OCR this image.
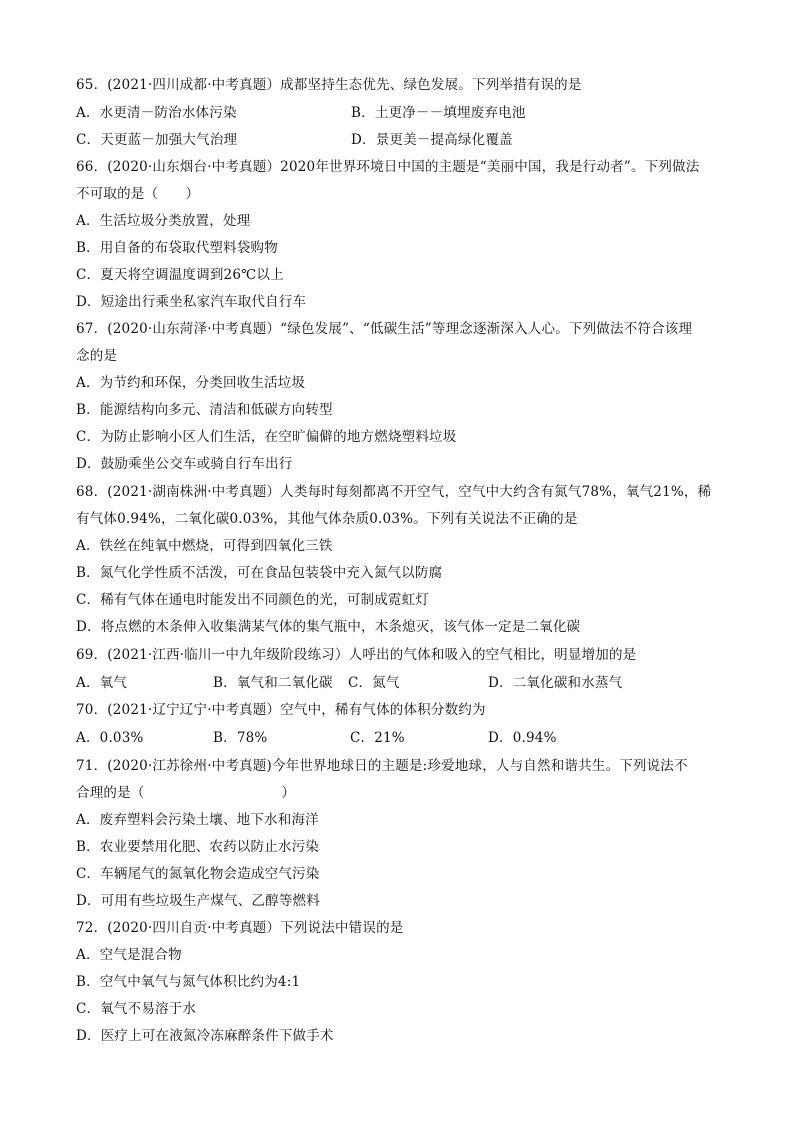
65．(2021·四川成都·中考真题）成都坚持生态优先、绿色发展。下列举措有误的是
A．水更清－防治水体污染	B．土更净－－填埋废弃电池
C．天更蓝－加强大气治理	D．景更美－提高绿化覆盖
66．(2020·山东烟台·中考真题）2020年世界环境日中国的主题是“美丽中国，我是行动者”。下列做法
不可取的是（　　）
A．生活垃圾分类放置，处理
B．用自备的布袋取代塑料袋购物
C．夏天将空调温度调到26℃以上
D．短途出行乘坐私家汽车取代自行车
67．(2020·山东菏泽·中考真题）“绿色发展”、“低碳生活”等理念逐渐深入人心。下列做法不符合该理
念的是
A．为节约和环保，分类回收生活垃圾
B．能源结构向多元、清洁和低碳方向转型
C．为防止影响小区人们生活，在空旷偏僻的地方燃烧塑料垃圾
D．鼓励乘坐公交车或骑自行车出行
68．(2021·湖南株洲·中考真题）人类每时每刻都离不开空气，空气中大约含有氮气78%，氧气21%，稀
有气体0.94%，二氧化碳0.03%，其他气体杂质0.03%。下列有关说法不正确的是
A．铁丝在纯氧中燃烧，可得到四氧化三铁
B．氮气化学性质不活泼，可在食品包装袋中充入氮气以防腐
C．稀有气体在通电时能发出不同颜色的光，可制成霓虹灯
D．将点燃的木条伸入收集满某气体的集气瓶中，木条熄灭，该气体一定是二氧化碳
69．(2021·江西·临川一中九年级阶段练习）人呼出的气体和吸入的空气相比，明显增加的是
A．氧气	B．氧气和二氧化碳 C．氮气	D．二氧化碳和水蒸气
70．(2021·辽宁辽宁·中考真题）空气中，稀有气体的体积分数约为
A．0.03%	B．78%	C．21%	D．0.94%
71．(2020·江苏徐州·中考真题)今年世界地球日的主题是:珍爱地球，人与自然和谐共生。下列说法不
合理的是（　　　　　　　　　　）
A．废弃塑料会污染土壤、地下水和海洋
B．农业要禁用化肥、农药以防止水污染
C．车辆尾气的氮氧化物会造成空气污染
D．可用有些垃圾生产煤气、乙醇等燃料
72．(2020·四川自贡·中考真题）下列说法中错误的是
A．空气是混合物
B．空气中氧气与氮气体积比约为4:1
C．氧气不易溶于水
D．医疗上可在液氮冷冻麻醉条件下做手术
